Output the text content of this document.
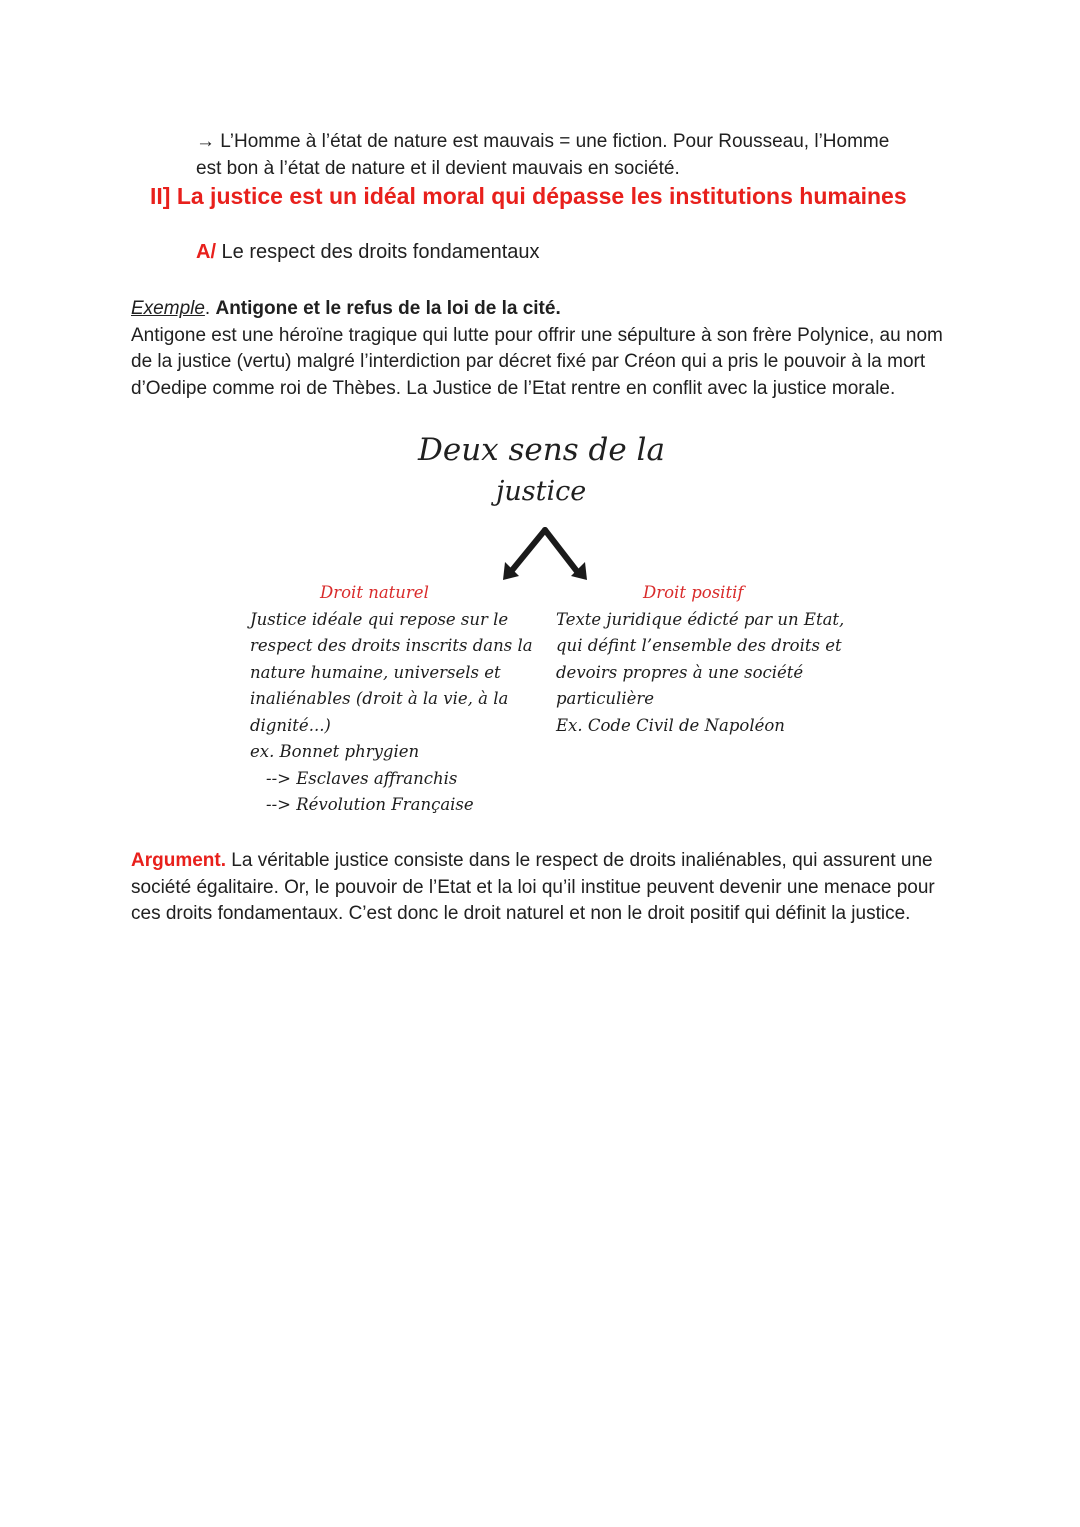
→ L’Homme à l’état de nature est mauvais = une fiction. Pour Rousseau, l’Homme
est bon à l’état de nature et il devient mauvais en société.
II] La justice est un idéal moral qui dépasse les institutions humaines
A/ Le respect des droits fondamentaux
Exemple. Antigone et le refus de la loi de la cité.
Antigone est une héroïne tragique qui lutte pour offrir une sépulture à son frère Polynice, au nom de la justice (vertu) malgré l’interdiction par décret fixé par Créon qui a pris le pouvoir à la mort d’Oedipe comme roi de Thèbes. La Justice de l’Etat rentre en conflit avec la justice morale.
Deux sens de la
justice
Droit naturel
Justice idéale qui repose sur le
respect des droits inscrits dans la
nature humaine, universels et
inaliénables (droit à la vie, à la
dignité...)
ex. Bonnet phrygien
--> Esclaves affranchis
--> Révolution Française
Droit positif
Texte juridique édicté par un Etat,
qui défint l’ensemble des droits et
devoirs propres à une société
particulière
Ex. Code Civil de Napoléon
Argument. La véritable justice consiste dans le respect de droits inaliénables, qui assurent une société égalitaire. Or, le pouvoir de l’Etat et la loi qu’il institue peuvent devenir une menace pour ces droits fondamentaux. C’est donc le droit naturel et non le droit positif qui définit la justice.
